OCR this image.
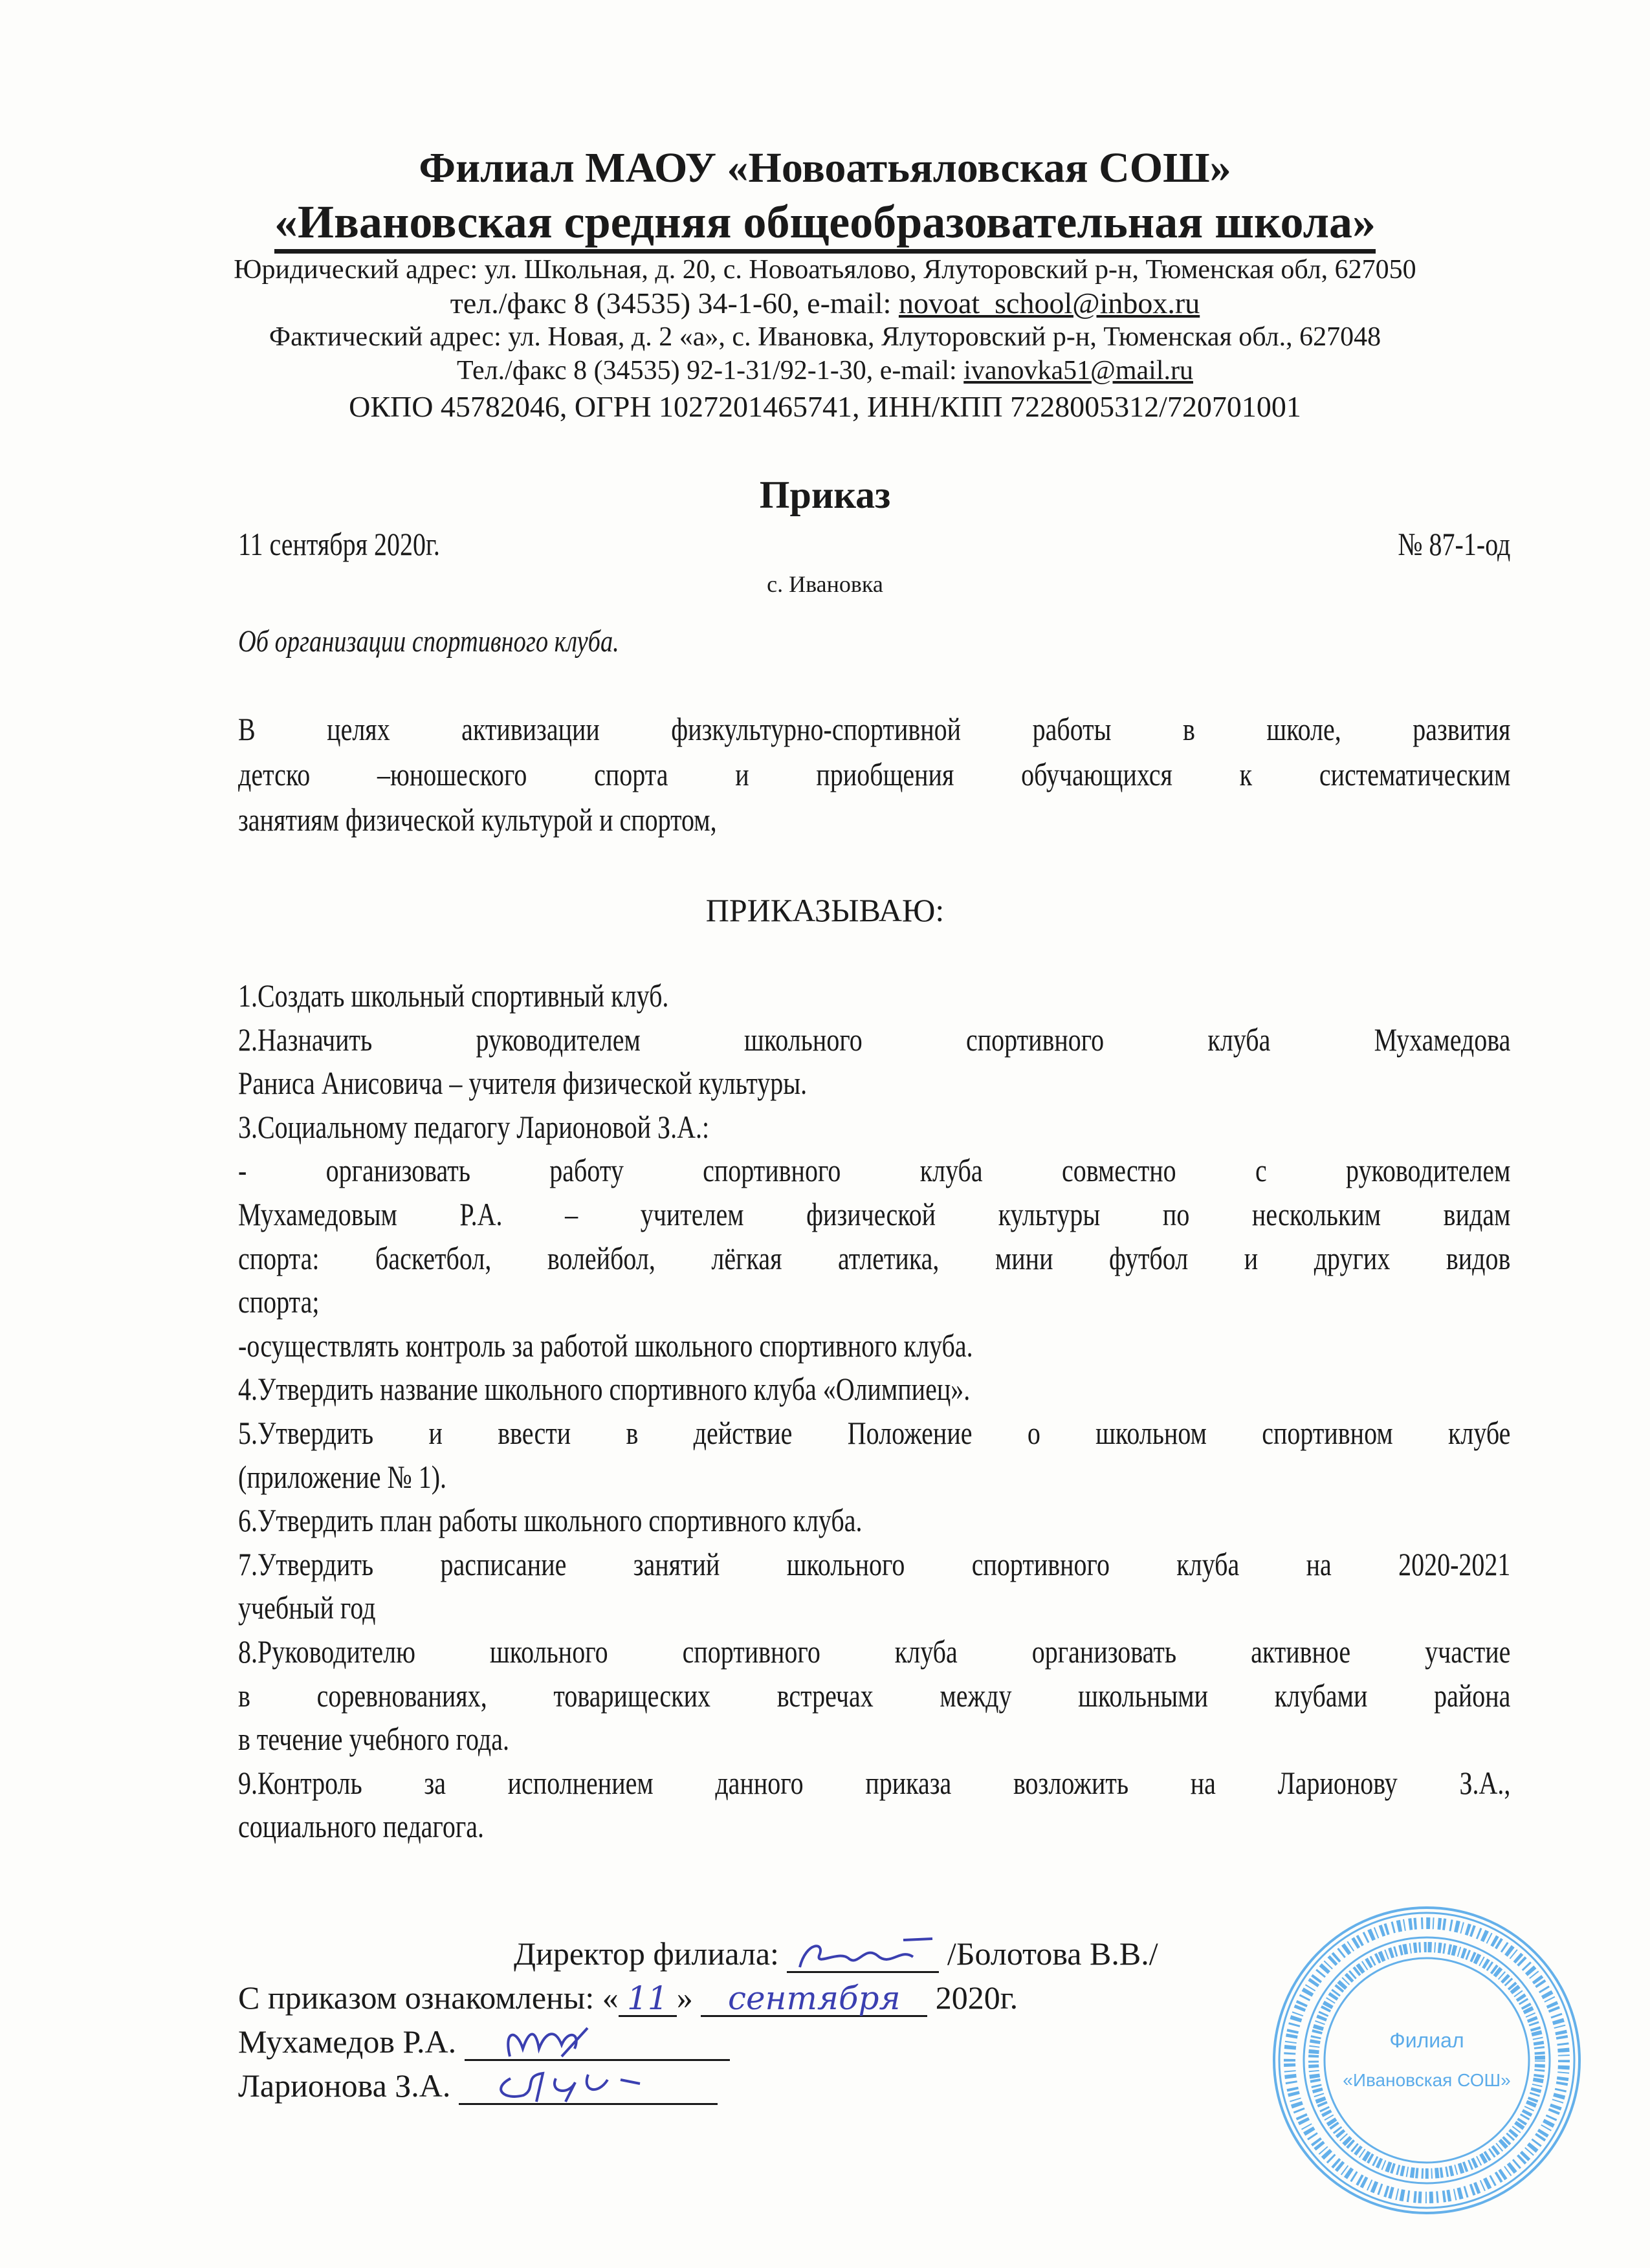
Филиал МАОУ «Новоатьяловская СОШ»
«Ивановская средняя общеобразовательная школа»
Юридический адрес: ул. Школьная, д. 20, с. Новоатьялово, Ялуторовский р-н, Тюменская обл, 627050
тел./факс 8 (34535) 34-1-60, e-mail: novoat_school@inbox.ru
Фактический адрес: ул. Новая, д. 2 «а», с. Ивановка, Ялуторовский р-н, Тюменская обл., 627048
Тел./факс 8 (34535) 92-1-31/92-1-30, e-mail: ivanovka51@mail.ru
ОКПО 45782046, ОГРН 1027201465741, ИНН/КПП 7228005312/720701001
Приказ
11 сентября 2020г.	№ 87-1-од
с. Ивановка
Об организации спортивного клуба.
В целях активизации физкультурно-спортивной работы в школе, развития
детско –юношеского спорта и приобщения обучающихся к систематическим
занятиям физической культурой и спортом,
ПРИКАЗЫВАЮ:
1.Создать школьный спортивный клуб.
2.Назначить руководителем школьного спортивного клуба Мухамедова
Раниса Анисовича – учителя физической культуры.
3.Социальному педагогу Ларионовой З.А.:
- организовать работу спортивного клуба совместно с руководителем
Мухамедовым Р.А. – учителем физической культуры по нескольким видам
спорта: баскетбол, волейбол, лёгкая атлетика, мини футбол и других видов
спорта;
-осуществлять контроль за работой школьного спортивного клуба.
4.Утвердить название школьного спортивного клуба «Олимпиец».
5.Утвердить и ввести в действие Положение о школьном спортивном клубе
(приложение № 1).
6.Утвердить план работы школьного спортивного клуба.
7.Утвердить расписание занятий школьного спортивного клуба на 2020-2021
учебный год
8.Руководителю школьного спортивного клуба организовать активное участие
в соревнованиях, товарищеских встречах между школьными клубами района
в течение учебного года.
9.Контроль за исполнением данного приказа возложить на Ларионову З.А.,
социального педагога.
Филиал
«Ивановская СОШ»
Директор филиала:	/Болотова В.В./
С приказом ознакомлены: « 11 » сентября 2020г.
Мухамедов Р.А.
Ларионова З.А.
